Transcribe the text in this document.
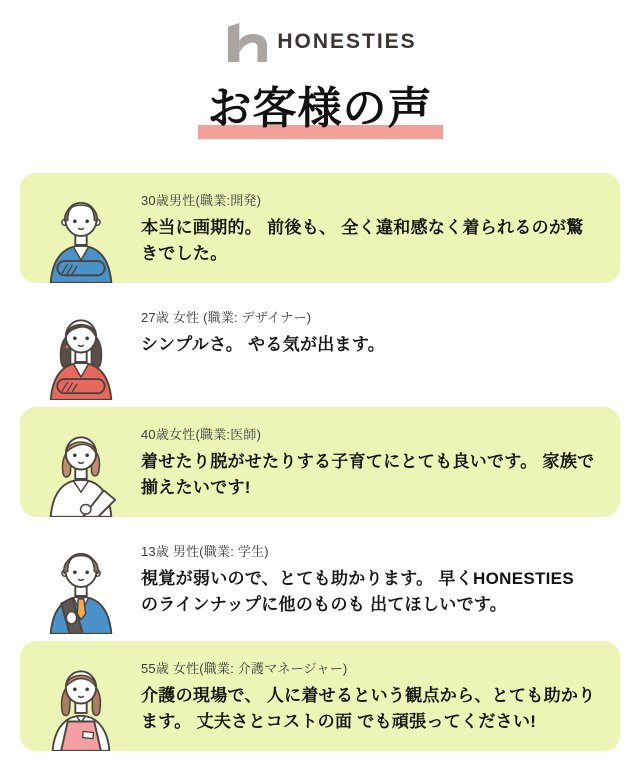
HONESTIES
お客様の声
30歳男性(職業:開発)
本当に画期的。 前後も、 全く違和感なく着られるのが驚きでした。
27歳 女性 (職業: デザイナー)
シンプルさ。 やる気が出ます。
40歳女性(職業:医師)
着せたり脱がせたりする子育てにとても良いです。 家族で揃えたいです!
13歳 男性(職業: 学生)
視覚が弱いので、とても助かります。 早くHONESTIES のラインナップに他のものも 出てほしいです。
55歳 女性(職業: 介護マネージャー)
介護の現場で、 人に着せるという観点から、とても助かります。 丈夫さとコストの面 でも頑張ってください!
